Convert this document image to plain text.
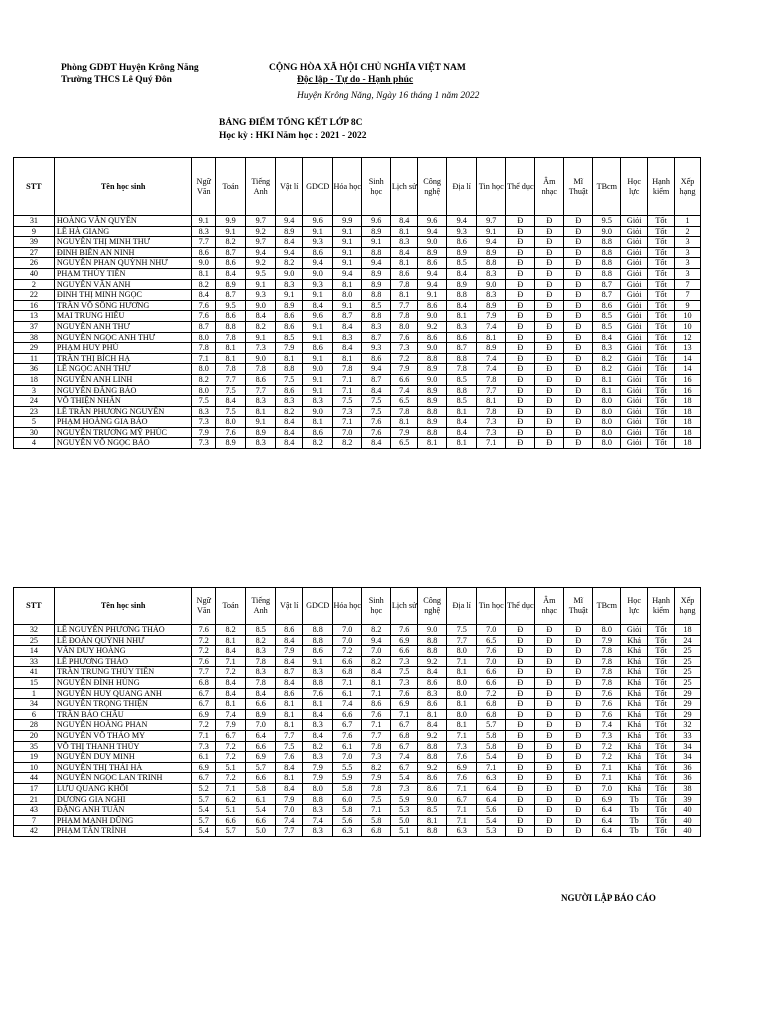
Phòng GDĐT Huyện Krông Năng
Trường THCS Lê Quý Đôn
CỘNG HÒA XÃ HỘI CHỦ NGHĨA VIỆT NAM
Độc lập - Tự do - Hạnh phúc
Huyện Krông Năng, Ngày 16 tháng 1 năm 2022
BẢNG ĐIỂM TỔNG KẾT LỚP 8C
Học kỳ : HKI Năm học : 2021 - 2022
STT	Tên học sinh	Ngữ Văn	Toán	Tiếng Anh	Vật lí	GDCD	Hóa học	Sinh học	Lịch sử	Công nghệ	Địa lí	Tin học	Thể dục	Âm nhạc	Mĩ Thuật	TBcm	Học lực	Hạnh kiểm	Xếp hạng
31	HOÀNG VĂN QUYỀN	9.1	9.9	9.7	9.4	9.6	9.9	9.6	8.4	9.6	9.4	9.7	Đ	Đ	Đ	9.5	Giỏi	Tốt	1
9	LÊ HÀ GIANG	8.3	9.1	9.2	8.9	9.1	9.1	8.9	8.1	9.4	9.3	9.1	Đ	Đ	Đ	9.0	Giỏi	Tốt	2
39	NGUYỄN THỊ MINH THƯ	7.7	8.2	9.7	8.4	9.3	9.1	9.1	8.3	9.0	8.6	9.4	Đ	Đ	Đ	8.8	Giỏi	Tốt	3
27	ĐINH BIÊN AN NINH	8.6	8.7	9.4	9.4	8.6	9.1	8.8	8.4	8.9	8.9	8.9	Đ	Đ	Đ	8.8	Giỏi	Tốt	3
26	NGUYỄN PHAN QUỲNH NHƯ	9.0	8.6	9.2	8.2	9.4	9.1	9.4	8.1	8.6	8.5	8.8	Đ	Đ	Đ	8.8	Giỏi	Tốt	3
40	PHẠM THỦY TIÊN	8.1	8.4	9.5	9.0	9.0	9.4	8.9	8.6	9.4	8.4	8.3	Đ	Đ	Đ	8.8	Giỏi	Tốt	3
2	NGUYỄN VÂN ANH	8.2	8.9	9.1	8.3	9.3	8.1	8.9	7.8	9.4	8.9	9.0	Đ	Đ	Đ	8.7	Giỏi	Tốt	7
22	ĐINH THỊ MINH NGỌC	8.4	8.7	9.3	9.1	9.1	8.0	8.8	8.1	9.1	8.8	8.3	Đ	Đ	Đ	8.7	Giỏi	Tốt	7
16	TRẦN VÕ SÔNG HƯƠNG	7.6	9.5	9.0	8.9	8.4	9.1	8.5	7.7	8.6	8.4	8.9	Đ	Đ	Đ	8.6	Giỏi	Tốt	9
13	MAI TRUNG HIẾU	7.6	8.6	8.4	8.6	9.6	8.7	8.8	7.8	9.0	8.1	7.9	Đ	Đ	Đ	8.5	Giỏi	Tốt	10
37	NGUYỄN ANH THƯ	8.7	8.8	8.2	8.6	9.1	8.4	8.3	8.0	9.2	8.3	7.4	Đ	Đ	Đ	8.5	Giỏi	Tốt	10
38	NGUYỄN NGỌC ANH THƯ	8.0	7.8	9.1	8.5	9.1	8.3	8.7	7.6	8.6	8.6	8.1	Đ	Đ	Đ	8.4	Giỏi	Tốt	12
29	PHẠM HUY PHÚ	7.8	8.1	7.3	7.9	8.6	8.4	9.3	7.3	9.0	8.7	8.9	Đ	Đ	Đ	8.3	Giỏi	Tốt	13
11	TRẦN THỊ BÍCH HẠ	7.1	8.1	9.0	8.1	9.1	8.1	8.6	7.2	8.8	8.8	7.4	Đ	Đ	Đ	8.2	Giỏi	Tốt	14
36	LÊ NGỌC ANH THƯ	8.0	7.8	7.8	8.8	9.0	7.8	9.4	7.9	8.9	7.8	7.4	Đ	Đ	Đ	8.2	Giỏi	Tốt	14
18	NGUYỄN ANH LINH	8.2	7.7	8.6	7.5	9.1	7.1	8.7	6.6	9.0	8.5	7.8	Đ	Đ	Đ	8.1	Giỏi	Tốt	16
3	NGUYỄN ĐĂNG BẢO	8.0	7.5	7.7	8.6	9.1	7.1	8.4	7.4	8.9	8.8	7.7	Đ	Đ	Đ	8.1	Giỏi	Tốt	16
24	VÕ THIỆN NHÂN	7.5	8.4	8.3	8.3	8.3	7.5	7.5	6.5	8.9	8.5	8.1	Đ	Đ	Đ	8.0	Giỏi	Tốt	18
23	LÊ TRẦN PHƯƠNG NGUYÊN	8.3	7.5	8.1	8.2	9.0	7.3	7.5	7.8	8.8	8.1	7.8	Đ	Đ	Đ	8.0	Giỏi	Tốt	18
5	PHẠM HOÀNG GIA BẢO	7.3	8.0	9.1	8.4	8.1	7.1	7.6	8.1	8.9	8.4	7.3	Đ	Đ	Đ	8.0	Giỏi	Tốt	18
30	NGUYỄN TRƯƠNG MỸ PHÚC	7.9	7.6	8.9	8.4	8.6	7.0	7.6	7.9	8.8	8.4	7.3	Đ	Đ	Đ	8.0	Giỏi	Tốt	18
4	NGUYỄN VÕ NGỌC BẢO	7.3	8.9	8.3	8.4	8.2	8.2	8.4	6.5	8.1	8.1	7.1	Đ	Đ	Đ	8.0	Giỏi	Tốt	18
STT	Tên học sinh	Ngữ Văn	Toán	Tiếng Anh	Vật lí	GDCD	Hóa học	Sinh học	Lịch sử	Công nghệ	Địa lí	Tin học	Thể dục	Âm nhạc	Mĩ Thuật	TBcm	Học lực	Hạnh kiểm	Xếp hạng
32	LÊ NGUYỄN PHƯƠNG THẢO	7.6	8.2	8.5	8.6	8.8	7.0	8.2	7.6	9.0	7.5	7.0	Đ	Đ	Đ	8.0	Giỏi	Tốt	18
25	LÊ ĐOÀN QUỲNH NHƯ	7.2	8.1	8.2	8.4	8.8	7.0	9.4	6.9	8.8	7.7	6.5	Đ	Đ	Đ	7.9	Khá	Tốt	24
14	VĂN DUY HOÀNG	7.2	8.4	8.3	7.9	8.6	7.2	7.0	6.6	8.8	8.0	7.6	Đ	Đ	Đ	7.8	Khá	Tốt	25
33	LÊ PHƯƠNG THẢO	7.6	7.1	7.8	8.4	9.1	6.6	8.2	7.3	9.2	7.1	7.0	Đ	Đ	Đ	7.8	Khá	Tốt	25
41	TRẦN TRUNG THỦY TIÊN	7.7	7.2	8.3	8.7	8.3	6.8	8.4	7.5	8.4	8.1	6.6	Đ	Đ	Đ	7.8	Khá	Tốt	25
15	NGUYỄN ĐÌNH HÙNG	6.8	8.4	7.8	8.4	8.8	7.1	8.1	7.3	8.6	8.0	6.6	Đ	Đ	Đ	7.8	Khá	Tốt	25
1	NGUYỄN HUY QUANG ANH	6.7	8.4	8.4	8.6	7.6	6.1	7.1	7.6	8.3	8.0	7.2	Đ	Đ	Đ	7.6	Khá	Tốt	29
34	NGUYỄN TRỌNG THIỆN	6.7	8.1	6.6	8.1	8.1	7.4	8.6	6.9	8.6	8.1	6.8	Đ	Đ	Đ	7.6	Khá	Tốt	29
6	TRẦN BẢO CHÂU	6.9	7.4	8.9	8.1	8.4	6.6	7.6	7.1	8.1	8.0	6.8	Đ	Đ	Đ	7.6	Khá	Tốt	29
28	NGUYỄN HOÀNG PHAN	7.2	7.9	7.0	8.1	8.3	6.7	7.1	6.7	8.4	8.1	5.7	Đ	Đ	Đ	7.4	Khá	Tốt	32
20	NGUYỄN VÕ THẢO MY	7.1	6.7	6.4	7.7	8.4	7.6	7.7	6.8	9.2	7.1	5.8	Đ	Đ	Đ	7.3	Khá	Tốt	33
35	VÕ THỊ THANH THỦY	7.3	7.2	6.6	7.5	8.2	6.1	7.8	6.7	8.8	7.3	5.8	Đ	Đ	Đ	7.2	Khá	Tốt	34
19	NGUYỄN DUY MINH	6.1	7.2	6.9	7.6	8.3	7.0	7.3	7.4	8.8	7.6	5.4	Đ	Đ	Đ	7.2	Khá	Tốt	34
10	NGUYỄN THỊ THÁI HÀ	6.9	5.1	5.7	8.4	7.9	5.5	8.2	6.7	9.2	6.9	7.1	Đ	Đ	Đ	7.1	Khá	Tốt	36
44	NGUYỄN NGỌC LAN TRINH	6.7	7.2	6.6	8.1	7.9	5.9	7.9	5.4	8.6	7.6	6.3	Đ	Đ	Đ	7.1	Khá	Tốt	36
17	LƯU QUANG KHÔI	5.2	7.1	5.8	8.4	8.0	5.8	7.8	7.3	8.6	7.1	6.4	Đ	Đ	Đ	7.0	Khá	Tốt	38
21	DƯƠNG GIA NGHI	5.7	6.2	6.1	7.9	8.8	6.0	7.5	5.9	9.0	6.7	6.4	Đ	Đ	Đ	6.9	Tb	Tốt	39
43	ĐẶNG ANH TUẤN	5.4	5.1	5.4	7.0	8.3	5.8	7.1	5.3	8.5	7.1	5.6	Đ	Đ	Đ	6.4	Tb	Tốt	40
7	PHẠM MẠNH DŨNG	5.7	6.6	6.6	7.4	7.4	5.6	5.8	5.0	8.1	7.1	5.4	Đ	Đ	Đ	6.4	Tb	Tốt	40
42	PHẠM TẤN TRÌNH	5.4	5.7	5.0	7.7	8.3	6.3	6.8	5.1	8.8	6.3	5.3	Đ	Đ	Đ	6.4	Tb	Tốt	40
NGƯỜI LẬP BÁO CÁO
